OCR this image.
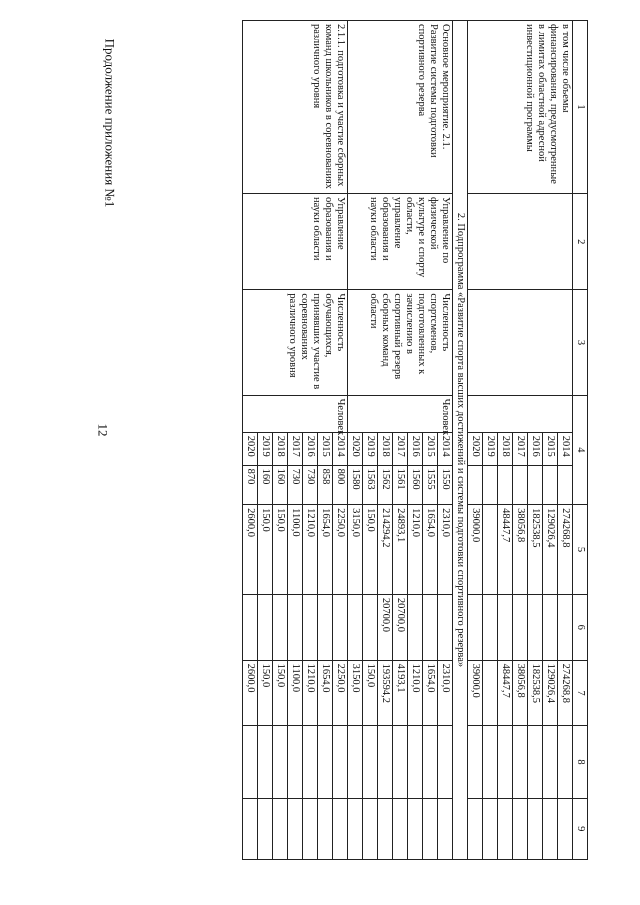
12
Продолжение приложения №1	1	2	3	4			5	6	7	8	9
в том числе объемы финансирования, предусмотренные в лимитах областной адресной инвестиционной программы				2014		274268,8		274268,8		
				2015		129026,4		129026,4		
				2016		182538,5		182538,5		
				2017		38056,8		38056,8		
				2018		48447,7		48447,7		
				2019						
				2020		39000,0		39000,0		
2. Подпрограмма «Развитие спорта высших достижений и системы подготовки спортивного резерва»										
Основное мероприятие. 2.1. Развитие системы подготовки спортивного резерва	Управление по физической культуре и спорту области, управление образования и науки области	Численность спортсменов, подготовленных к зачислению в спортивный резерв сборных команд области	Человек	2014	1550	2310,0		2310,0		
				2015	1555	1654,0		1654,0		
				2016	1560	1210,0		1210,0		
				2017	1561	24893,1	20700,0	4193,1		
				2018	1562	214294,2	20700,0	193594,2		
				2019	1563	150,0		150,0		
				2020	1580	3150,0		3150,0		
2.1.1. подготовка и участие сборных команд школьников в соревнованиях различного уровня	Управление образования и науки области	Численность обучающихся, принявших участие в соревнованиях различного уровня	Человек	2014	800	2250,0		2250,0		
				2015	858	1654,0		1654,0		
				2016	730	1210,0		1210,0		
				2017	730	1100,0		1100,0		
				2018	160	150,0		150,0		
				2019	160	150,0		150,0		
				2020	870	2600,0		2600,0		
